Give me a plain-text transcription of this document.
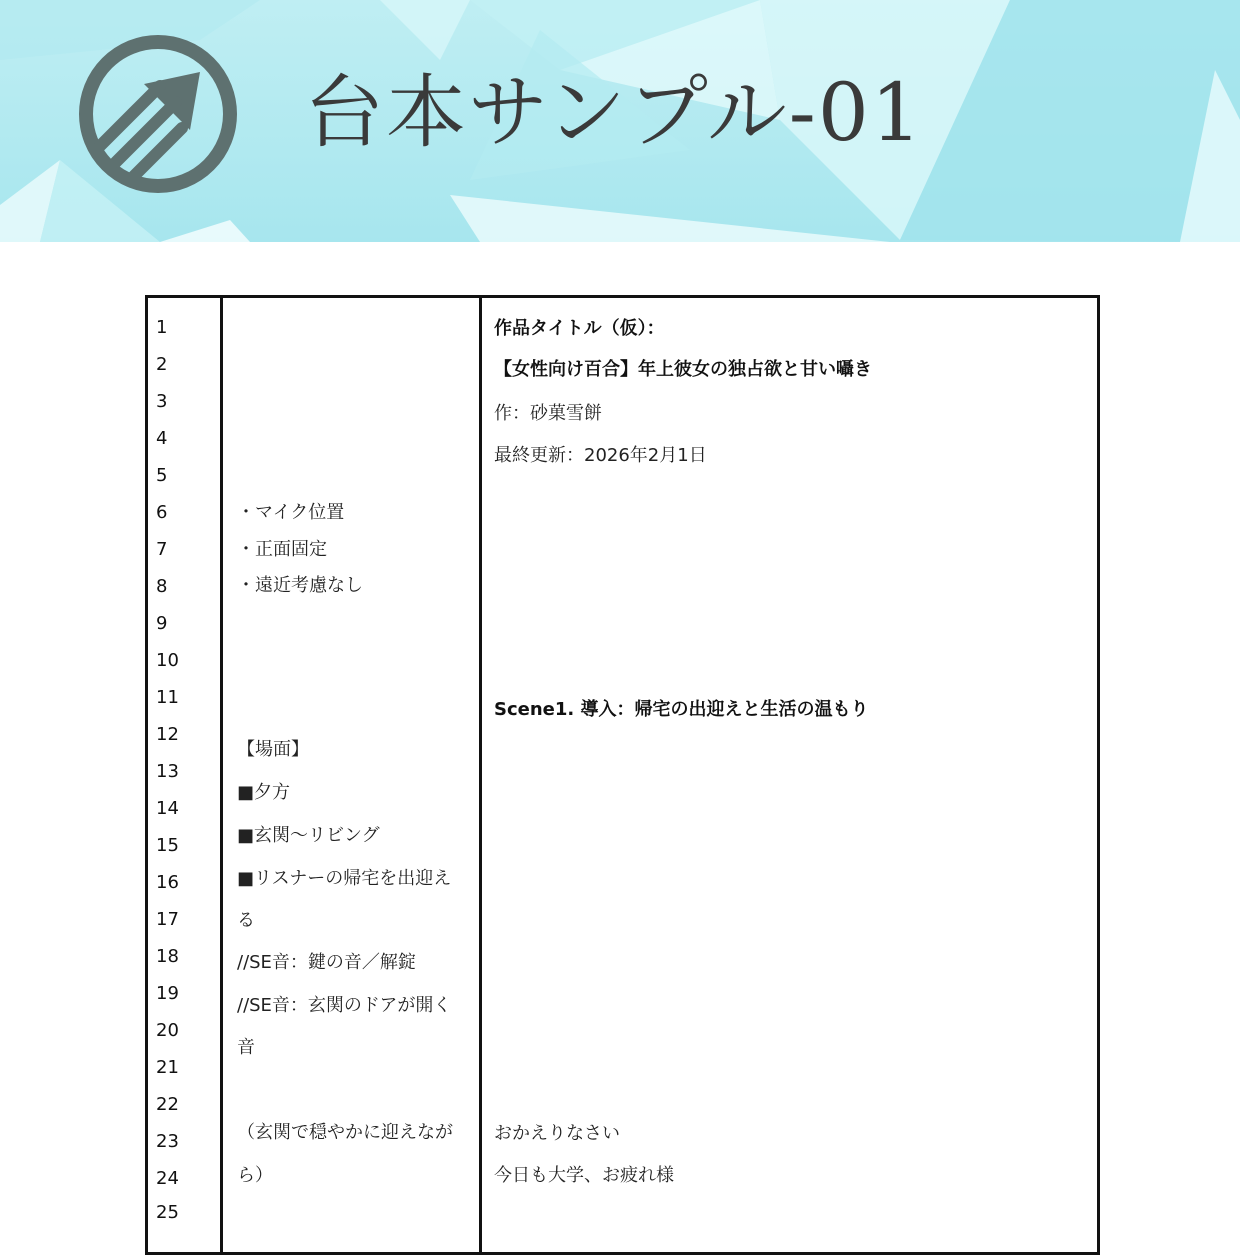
台本サンプル-01
1
2
3
4
5
6
7
8
9
10
11
12
13
14
15
16
17
18
19
20
21
22
23
24
25
・マイク位置
・正面固定
・遠近考慮なし
【場面】
■夕方
■玄関～リビング
■リスナーの帰宅を出迎え
る
//SE音：鍵の音／解錠
//SE音：玄関のドアが開く
音
（玄関で穏やかに迎えなが
ら）
作品タイトル（仮）：
【女性向け百合】年上彼女の独占欲と甘い囁き
作：砂菓雪餅
最終更新：2026年2月1日
Scene1. 導入：帰宅の出迎えと生活の温もり
おかえりなさい
今日も大学、お疲れ様
